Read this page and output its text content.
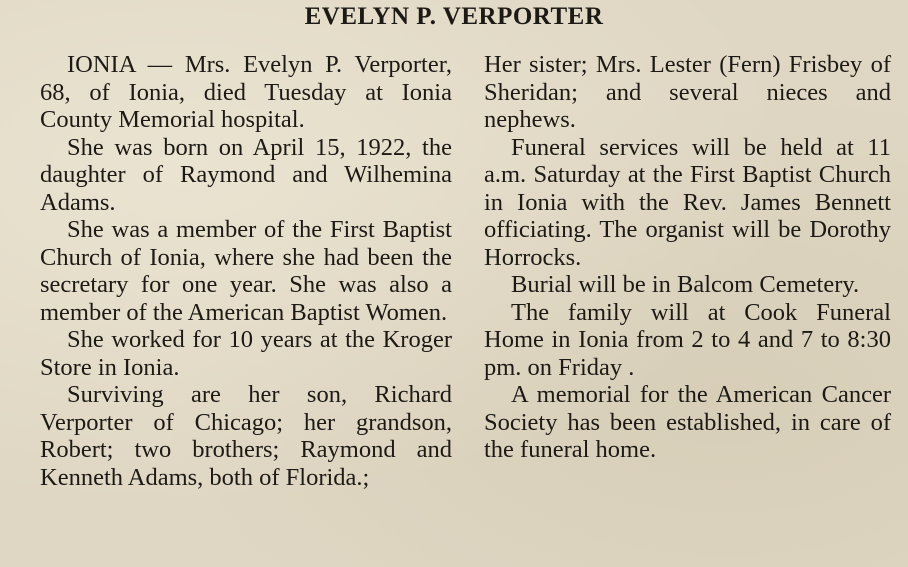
EVELYN P. VERPORTER

IONIA — Mrs. Evelyn P. Verporter, 68, of Ionia, died Tuesday at Ionia County Memorial hospital.

She was born on April 15, 1922, the daughter of Raymond and Wilhemina Adams.

She was a member of the First Baptist Church of Ionia, where she had been the secretary for one year. She was also a member of the American Baptist Women.

She worked for 10 years at the Kroger Store in Ionia.

Surviving are her son, Richard Verporter of Chicago; her grandson, Robert; two brothers; Raymond and Kenneth Adams, both of Florida.;

Her sister; Mrs. Lester (Fern) Frisbey of Sheridan; and several nieces and nephews.

Funeral services will be held at 11 a.m. Saturday at the First Baptist Church in Ionia with the Rev. James Bennett officiating. The organist will be Dorothy Horrocks.

Burial will be in Balcom Cemetery.

The family will at Cook Funeral Home in Ionia from 2 to 4 and 7 to 8:30 pm. on Friday .

A memorial for the American Cancer Society has been established, in care of the funeral home.
